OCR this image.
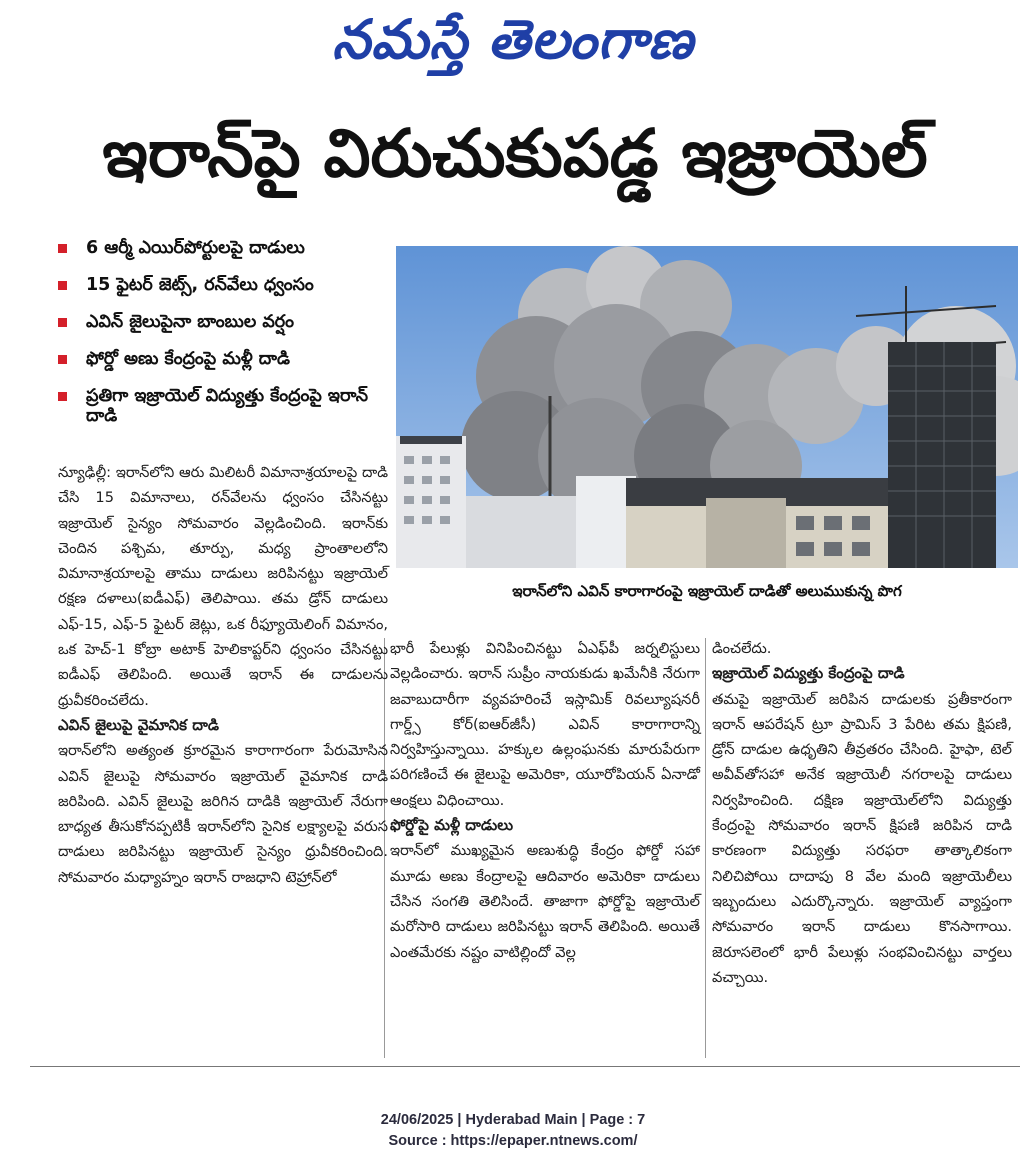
నమస్తే తెలంగాణ
ఇరాన్‌పై విరుచుకుపడ్డ ఇజ్రాయెల్
6 ఆర్మీ ఎయిర్‌పోర్టులపై దాడులు
15 ఫైటర్ జెట్స్, రన్‌వేలు ధ్వంసం
ఎవిన్ జైలుపైనా బాంబుల వర్షం
ఫోర్డో అణు కేంద్రంపై మళ్లీ దాడి
ప్రతిగా ఇజ్రాయెల్ విద్యుత్తు కేంద్రంపై ఇరాన్ దాడి
ఇరాన్‌లోని ఎవిన్ కారాగారంపై ఇజ్రాయెల్ దాడితో అలుముకున్న పొగ

న్యూఢిల్లీ: ఇరాన్‌లోని ఆరు మిలిటరీ విమానాశ్రయాలపై దాడి చేసి 15 విమానాలు, రన్‌వేలను ధ్వంసం చేసినట్టు ఇజ్రాయెల్ సైన్యం సోమవారం వెల్లడించింది. ఇరాన్‌కు చెందిన పశ్చిమ, తూర్పు, మధ్య ప్రాంతాలలోని విమానాశ్రయాలపై తాము దాడులు జరిపినట్టు ఇజ్రాయెల్ రక్షణ దళాలు(ఐడీఎఫ్) తెలిపాయి. తమ డ్రోన్ దాడులు ఎఫ్-15, ఎఫ్-5 ఫైటర్ జెట్లు, ఒక రీఫ్యూయెలింగ్ విమానం, ఒక హెచ్-1 కోబ్రా అటాక్ హెలికాప్టర్‌ని ధ్వంసం చేసినట్టు ఐడీఎఫ్ తెలిపింది. అయితే ఇరాన్ ఈ దాడులను ధ్రువీకరించలేదు.

ఎవిన్ జైలుపై వైమానిక దాడి

ఇరాన్‌లోని అత్యంత క్రూరమైన కారాగారంగా పేరుమోసిన ఎవిన్ జైలుపై సోమవారం ఇజ్రాయెల్ వైమానిక దాడి జరిపింది. ఎవిన్ జైలుపై జరిగిన దాడికి ఇజ్రాయెల్ నేరుగా బాధ్యత తీసుకోనప్పటికీ ఇరాన్‌లోని సైనిక లక్ష్యాలపై వరుస దాడులు జరిపినట్టు ఇజ్రాయెల్ సైన్యం ధ్రువీకరించింది. సోమవారం మధ్యాహ్నం ఇరాన్ రాజధాని టెహ్రాన్‌లో

భారీ పేలుళ్లు వినిపించినట్టు ఏఎఫ్‌పీ జర్నలిస్టులు వెల్లడించారు. ఇరాన్ సుప్రీం నాయకుడు ఖమేనీకి నేరుగా జవాబుదారీగా వ్యవహరించే ఇస్లామిక్ రివల్యూషనరీ గార్డ్స్ కోర్(ఐఆర్‌జీసీ) ఎవిన్ కారాగారాన్ని నిర్వహిస్తున్నాయి. హక్కుల ఉల్లంఘనకు మారుపేరుగా పరిగణించే ఈ జైలుపై అమెరికా, యూరోపియన్ ఏనాడో ఆంక్షలు విధించాయి.

ఫోర్డోపై మళ్లీ దాడులు

ఇరాన్‌లో ముఖ్యమైన అణుశుద్ధి కేంద్రం ఫోర్డో సహా మూడు అణు కేంద్రాలపై ఆదివారం అమెరికా దాడులు చేసిన సంగతి తెలిసిందే. తాజాగా ఫోర్డోపై ఇజ్రాయెల్ మరోసారి దాడులు జరిపినట్టు ఇరాన్ తెలిపింది. అయితే ఎంతమేరకు నష్టం వాటిల్లిందో వెల్ల

డించలేదు.

ఇజ్రాయెల్ విద్యుత్తు కేంద్రంపై దాడి

తమపై ఇజ్రాయెల్ జరిపిన దాడులకు ప్రతీకారంగా ఇరాన్ ఆపరేషన్ ట్రూ ప్రామిస్ 3 పేరిట తమ క్షిపణి, డ్రోన్ దాడుల ఉధృతిని తీవ్రతరం చేసింది. హైఫా, టెల్ అవీవ్‌తోసహా అనేక ఇజ్రాయెలీ నగరాలపై దాడులు నిర్వహించింది. దక్షిణ ఇజ్రాయెల్‌లోని విద్యుత్తు కేంద్రంపై సోమవారం ఇరాన్ క్షిపణి జరిపిన దాడి కారణంగా విద్యుత్తు సరఫరా తాత్కాలికంగా నిలిచిపోయి దాదాపు 8 వేల మంది ఇజ్రాయెలీలు ఇబ్బందులు ఎదుర్కొన్నారు. ఇజ్రాయెల్ వ్యాప్తంగా సోమవారం ఇరాన్ దాడులు కొనసాగాయి. జెరూసలెంలో భారీ పేలుళ్లు సంభవించినట్టు వార్తలు వచ్చాయి.

24/06/2025 | Hyderabad Main | Page : 7
Source : https://epaper.ntnews.com/
